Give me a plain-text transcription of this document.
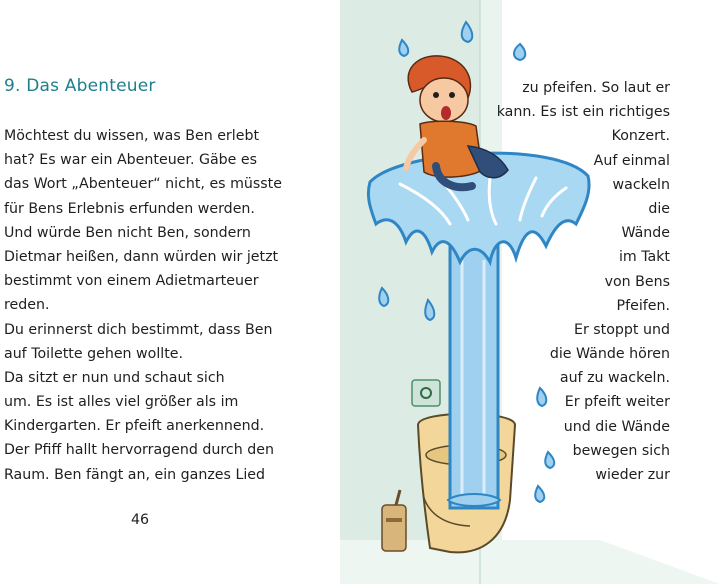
9. Das Abenteuer
Möchtest du wissen, was Ben erlebt
hat? Es war ein Abenteuer. Gäbe es
das Wort „Abenteuer“ nicht, es müsste
für Bens Erlebnis erfunden werden.
Und würde Ben nicht Ben, sondern
Dietmar heißen, dann würden wir jetzt
bestimmt von einem Adietmarteuer
reden.
Du erinnerst dich bestimmt, dass Ben
auf Toilette gehen wollte.
Da sitzt er nun und schaut sich
um. Es ist alles viel größer als im
Kindergarten. Er pfeift anerkennend.
Der Pfiff hallt hervorragend durch den
Raum. Ben fängt an, ein ganzes Lied
46
zu pfeifen. So laut er
kann. Es ist ein richtiges
Konzert.
Auf einmal
wackeln
die
Wände
im Takt
von Bens
Pfeifen.
Er stoppt und
die Wände hören
auf zu wackeln.
Er pfeift weiter
und die Wände
bewegen sich
wieder zur
